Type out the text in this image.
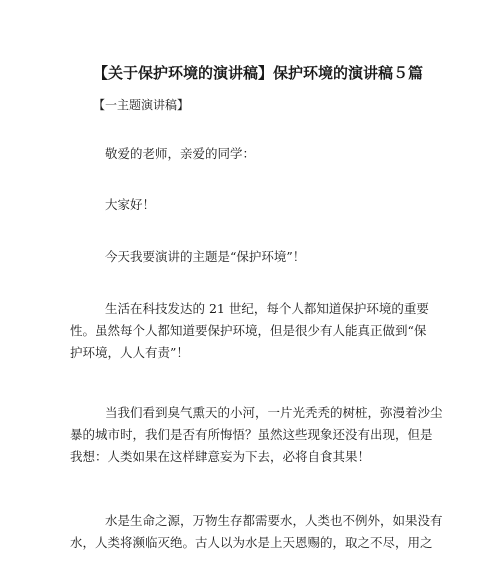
【关于保护环境的演讲稿】保护环境的演讲稿５篇
【一主题演讲稿】
敬爱的老师，亲爱的同学：
大家好！
今天我要演讲的主题是“保护环境”！
生活在科技发达的 21 世纪，每个人都知道保护环境的重要
性。虽然每个人都知道要保护环境，但是很少有人能真正做到“保
护环境，人人有责”！
当我们看到臭气熏天的小河，一片光秃秃的树桩，弥漫着沙尘
暴的城市时，我们是否有所悔悟？虽然这些现象还没有出现，但是
我想：人类如果在这样肆意妄为下去，必将自食其果！
水是生命之源，万物生存都需要水，人类也不例外，如果没有
水，人类将濒临灭绝。古人以为水是上天恩赐的，取之不尽，用之
